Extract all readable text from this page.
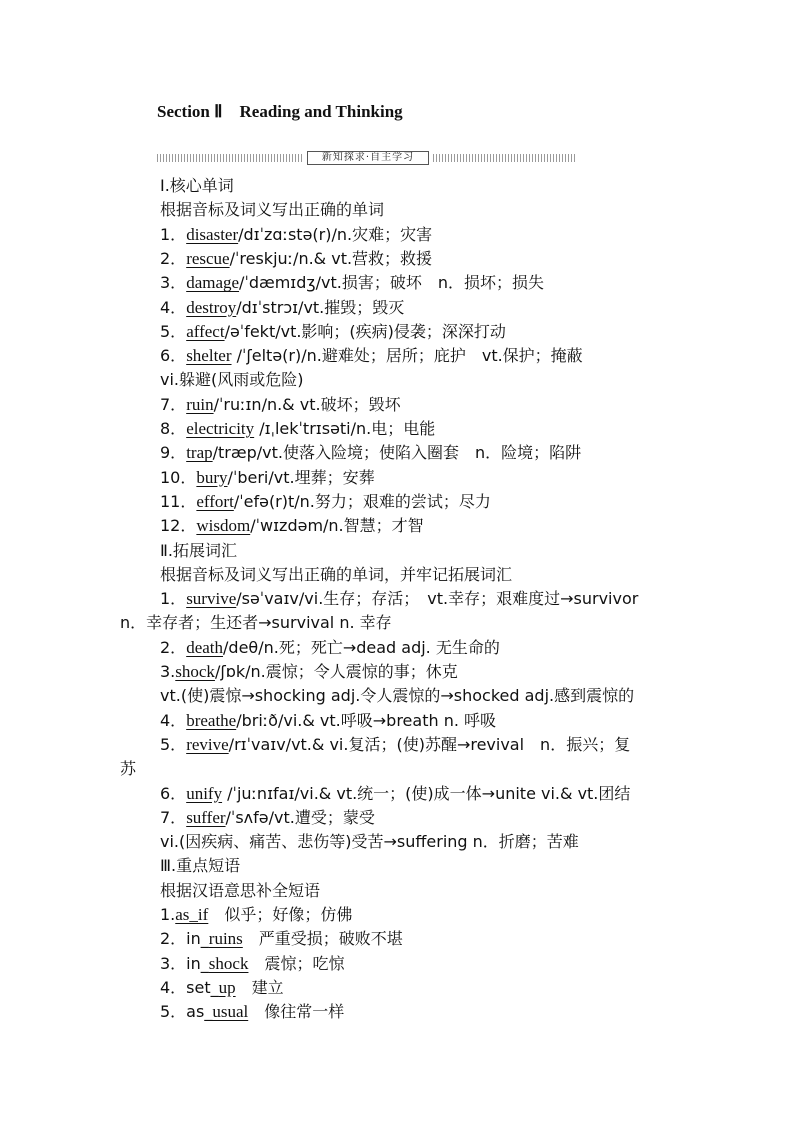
Section Ⅱ　Reading and Thinking
新知探求·自主学习
Ⅰ.核心单词
根据音标及词义写出正确的单词
1．disaster/dɪˈzɑːstə(r)/n.灾难；灾害
2．rescue/ˈreskjuː/n.& vt.营救；救援
3．damage/ˈdæmɪdʒ/vt.损害；破坏　n．损坏；损失
4．destroy/dɪˈstrɔɪ/vt.摧毁；毁灭
5．affect/əˈfekt/vt.影响；(疾病)侵袭；深深打动
6．shelter /ˈʃeltə(r)/n.避难处；居所；庇护　vt.保护；掩蔽
vi.躲避(风雨或危险)
7．ruin/ˈruːɪn/n.& vt.破坏；毁坏
8．electricity /ɪˌlekˈtrɪsəti/n.电；电能
9．trap/træp/vt.使落入险境；使陷入圈套　n．险境；陷阱
10．bury/ˈberi/vt.埋葬；安葬
11．effort/ˈefə(r)t/n.努力；艰难的尝试；尽力
12．wisdom/ˈwɪzdəm/n.智慧；才智
Ⅱ.拓展词汇
根据音标及词义写出正确的单词，并牢记拓展词汇
1．survive/səˈvaɪv/vi.生存；存活；　vt.幸存；艰难度过→survivor
n．幸存者；生还者→survival n. 幸存
2．death/deθ/n.死；死亡→dead adj. 无生命的
3.shock/ʃɒk/n.震惊；令人震惊的事；休克
vt.(使)震惊→shocking adj.令人震惊的→shocked adj.感到震惊的
4．breathe/briːð/vi.& vt.呼吸→breath n. 呼吸
5．revive/rɪˈvaɪv/vt.& vi.复活；(使)苏醒→revival　n．振兴；复
苏
6．unify /ˈjuːnɪfaɪ/vi.& vt.统一；(使)成一体→unite vi.& vt.团结
7．suffer/ˈsʌfə/vt.遭受；蒙受
vi.(因疾病、痛苦、悲伤等)受苦→suffering n．折磨；苦难
Ⅲ.重点短语
根据汉语意思补全短语
1.as_if　似乎；好像；仿佛
2．in_ruins　严重受损；破败不堪
3．in_shock　震惊；吃惊
4．set_up　建立
5．as_usual　像往常一样
